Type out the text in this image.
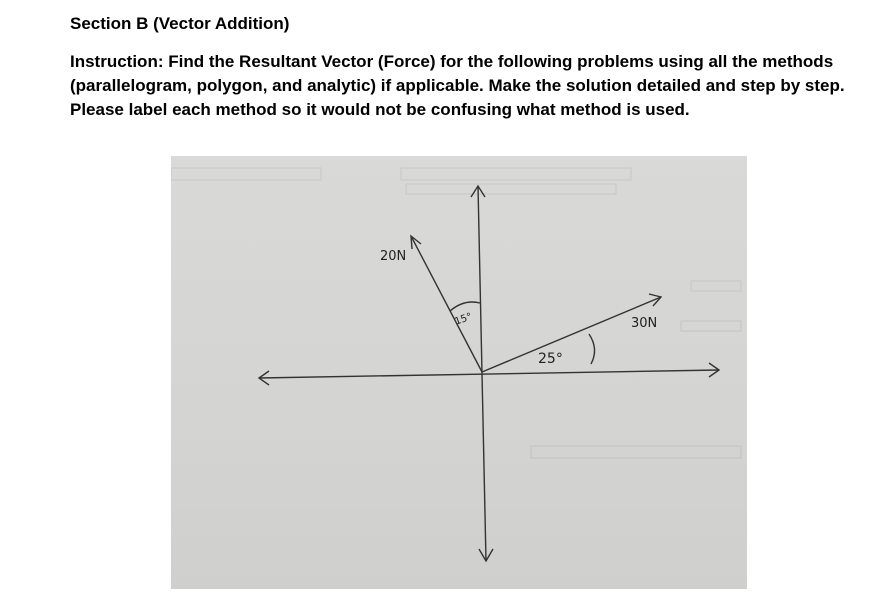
Section B (Vector Addition)

Instruction: Find the Resultant Vector (Force) for the following problems using all the methods (parallelogram, polygon, and analytic) if applicable. Make the solution detailed and step by step. Please label each method so it would not be confusing what method is used.

20N
15°	30N
25°
